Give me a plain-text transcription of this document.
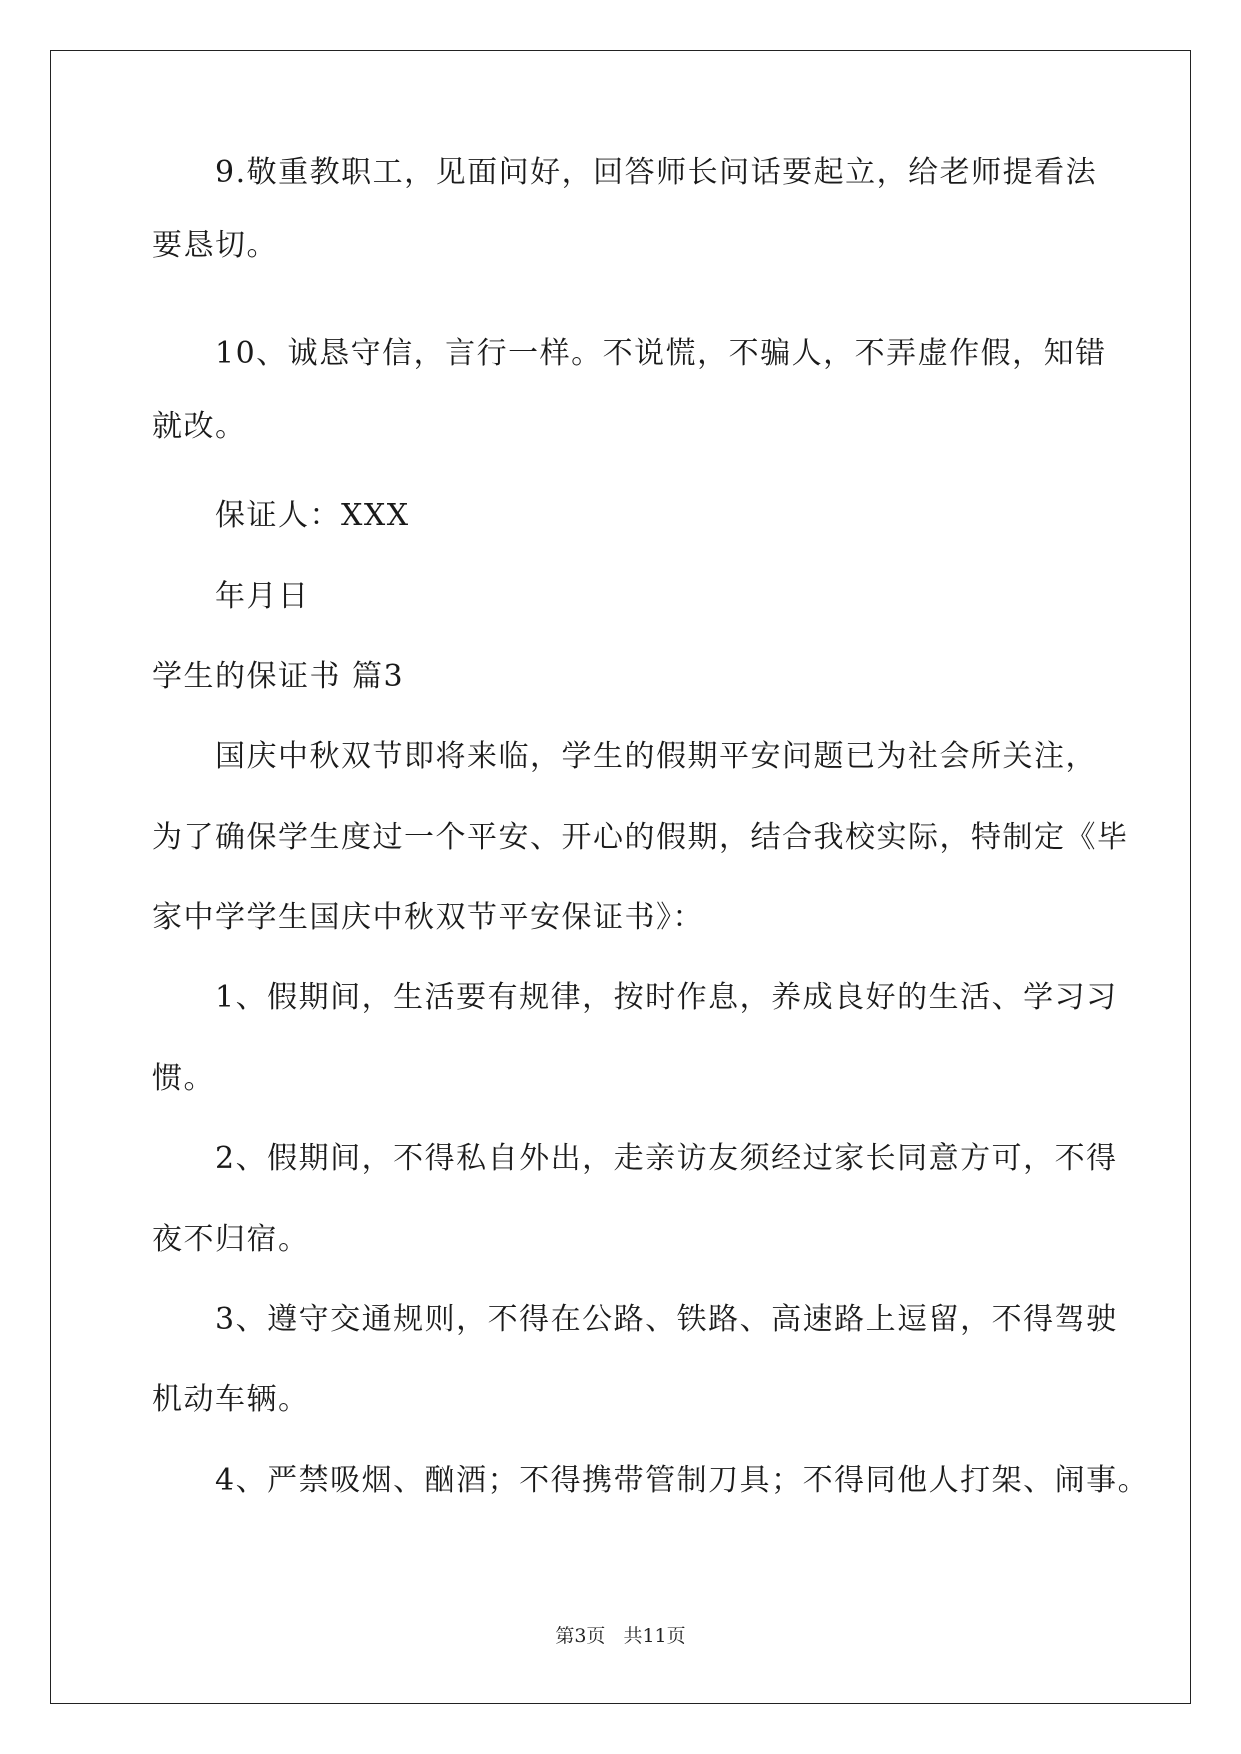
9.敬重教职工，见面问好，回答师长问话要起立，给老师提看法
要恳切。
10、诚恳守信，言行一样。不说慌，不骗人，不弄虚作假，知错
就改。
保证人：XXX
年月日
学生的保证书 篇3
国庆中秋双节即将来临，学生的假期平安问题已为社会所关注，
为了确保学生度过一个平安、开心的假期，结合我校实际，特制定《毕
家中学学生国庆中秋双节平安保证书》：
1、假期间，生活要有规律，按时作息，养成良好的生活、学习习
惯。
2、假期间，不得私自外出，走亲访友须经过家长同意方可，不得
夜不归宿。
3、遵守交通规则，不得在公路、铁路、高速路上逗留，不得驾驶
机动车辆。
4、严禁吸烟、酗酒；不得携带管制刀具；不得同他人打架、闹事。
第3页 共11页
